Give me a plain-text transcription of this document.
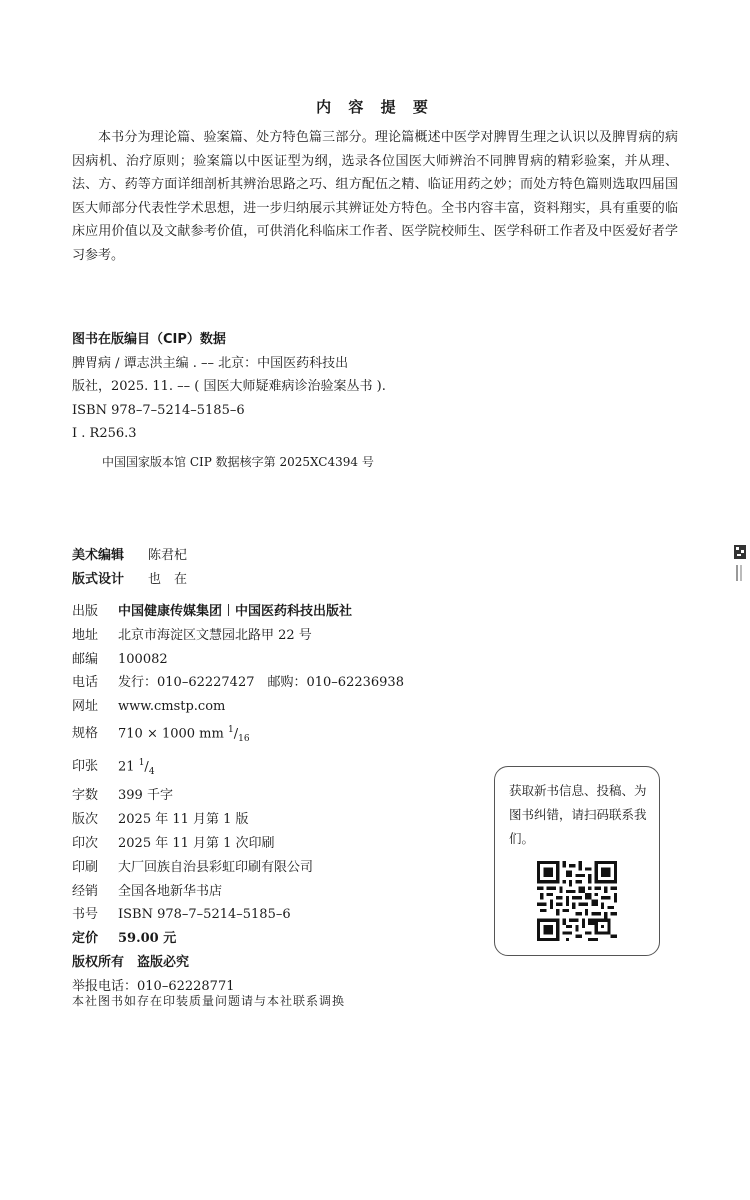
内 容 提 要
本书分为理论篇、验案篇、处方特色篇三部分。理论篇概述中医学对脾胃生理之认识以及脾胃病的病因病机、治疗原则；验案篇以中医证型为纲，选录各位国医大师辨治不同脾胃病的精彩验案，并从理、法、方、药等方面详细剖析其辨治思路之巧、组方配伍之精、临证用药之妙；而处方特色篇则选取四届国医大师部分代表性学术思想，进一步归纳展示其辨证处方特色。全书内容丰富，资料翔实，具有重要的临床应用价值以及文献参考价值，可供消化科临床工作者、医学院校师生、医学科研工作者及中医爱好者学习参考。
图书在版编目（CIP）数据
脾胃病 / 谭志洪主编 . –– 北京：中国医药科技出
版社，2025. 11. –– ( 国医大师疑难病诊治验案丛书 ).
ISBN 978–7–5214–5185–6
Ⅰ . R256.3
中国国家版本馆 CIP 数据核字第 2025XC4394 号
美术编辑 陈君杞
版式设计 也　在
出版 中国健康传媒集团 中国医药科技出版社
地址 北京市海淀区文慧园北路甲 22 号
邮编 100082
电话 发行：010–62227427　邮购：010–62236938
网址 www.cmstp.com
规格 710 × 1000 mm $^1/_{16}$
印张 21 $^1/_4$
字数 399 千字
版次 2025 年 11 月第 1 版
印次 2025 年 11 月第 1 次印刷
印刷 大厂回族自治县彩虹印刷有限公司
经销 全国各地新华书店
书号 ISBN 978–7–5214–5185–6
定价 59.00 元
版权所有　盗版必究
举报电话：010–62228771
本社图书如存在印装质量问题请与本社联系调换
获取新书信息、投稿、为图书纠错，请扫码联系我们。
